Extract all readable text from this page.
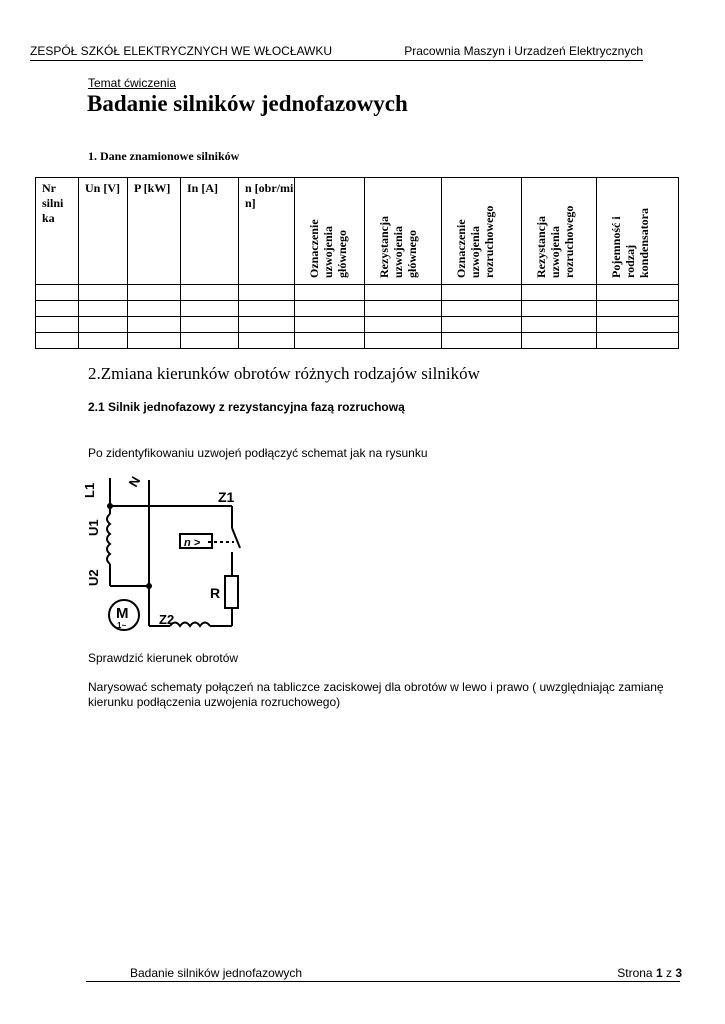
ZESPÓŁ SZKÓŁ ELEKTRYCZNYCH WE WŁOCŁAWKU	Pracownia Maszyn i Urzadzeń Elektrycznych
Temat ćwiczenia
Badanie silników jednofazowych
1. Dane znamionowe silników
Nr silni ka	Un [V]	P [kW]	In [A]	n [obr/mi n]	Oznaczenie uzwojenia głównego	Rezystancja uzwojenia głównego	Oznaczenie uzwojenia rozruchowego	Rezystancja uzwojenia rozruchowego	Pojemność i rodzaj kondensatora

2.Zmiana kierunków obrotów różnych rodzajów silników
2.1 Silnik jednofazowy z rezystancyjna fazą rozruchową
Po zidentyfikowaniu uzwojeń podłączyć schemat jak na rysunku
L1
N
U1
U2
Z1
R
Z2
n >
M
1~
Sprawdzić kierunek obrotów
Narysować schematy połączeń na tabliczce zaciskowej dla obrotów w lewo i prawo ( uwzględniając zamianę kierunku podłączenia uzwojenia rozruchowego)
Badanie silników jednofazowych	Strona 1 z 3
